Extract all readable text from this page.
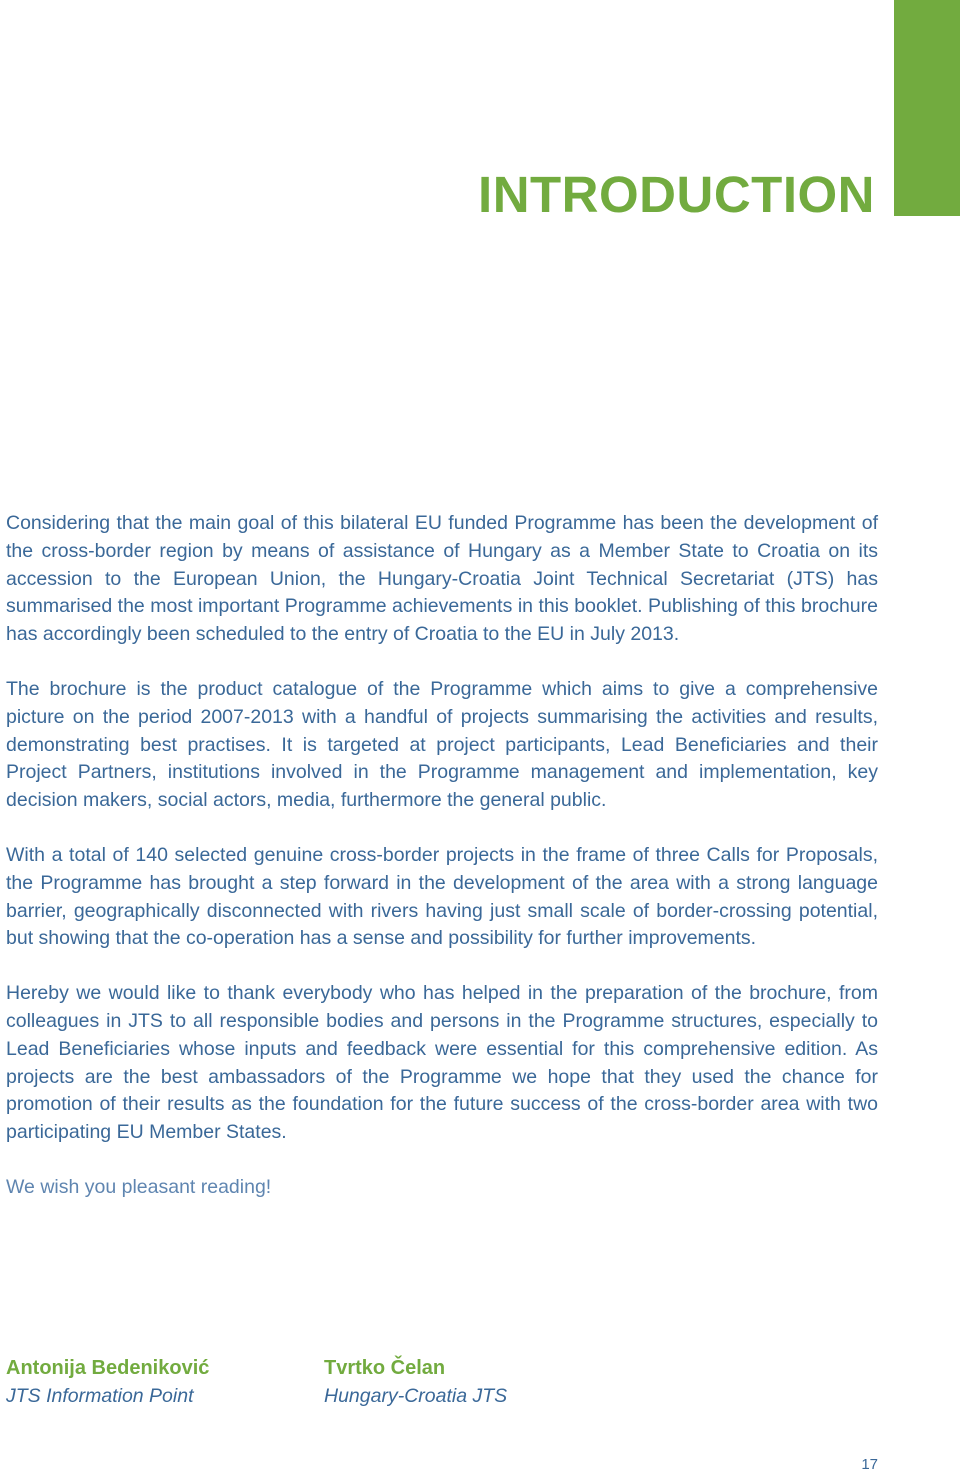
INTRODUCTION

Considering that the main goal of this bilateral EU funded Programme has been the development of the cross-border region by means of assistance of Hungary as a Member State to Croatia on its accession to the European Union, the Hungary-Croatia Joint Technical Secretariat (JTS) has summarised the most important Programme achievements in this booklet. Publishing of this brochure has accordingly been scheduled to the entry of Croatia to the EU in July 2013.

The brochure is the product catalogue of the Programme which aims to give a comprehensive picture on the period 2007-2013 with a handful of projects summarising the activities and results, demonstrating best practises. It is targeted at project participants, Lead Beneficiaries and their Project Partners, institutions involved in the Programme management and implementation, key decision makers, social actors, media, furthermore the general public.

With a total of 140 selected genuine cross-border projects in the frame of three Calls for Proposals, the Programme has brought a step forward in the development of the area with a strong language barrier, geographically disconnected with rivers having just small scale of border-crossing potential, but showing that the co-operation has a sense and possibility for further improvements.

Hereby we would like to thank everybody who has helped in the preparation of the brochure, from colleagues in JTS to all responsible bodies and persons in the Programme structures, especially to Lead Beneficiaries whose inputs and feedback were essential for this comprehensive edition. As projects are the best ambassadors of the Programme we hope that they used the chance for promotion of their results as the foundation for the future success of the cross-border area with two participating EU Member States.

We wish you pleasant reading!

Antonija Bedeniković
JTS Information Point
Tvrtko Čelan
Hungary-Croatia JTS
17
